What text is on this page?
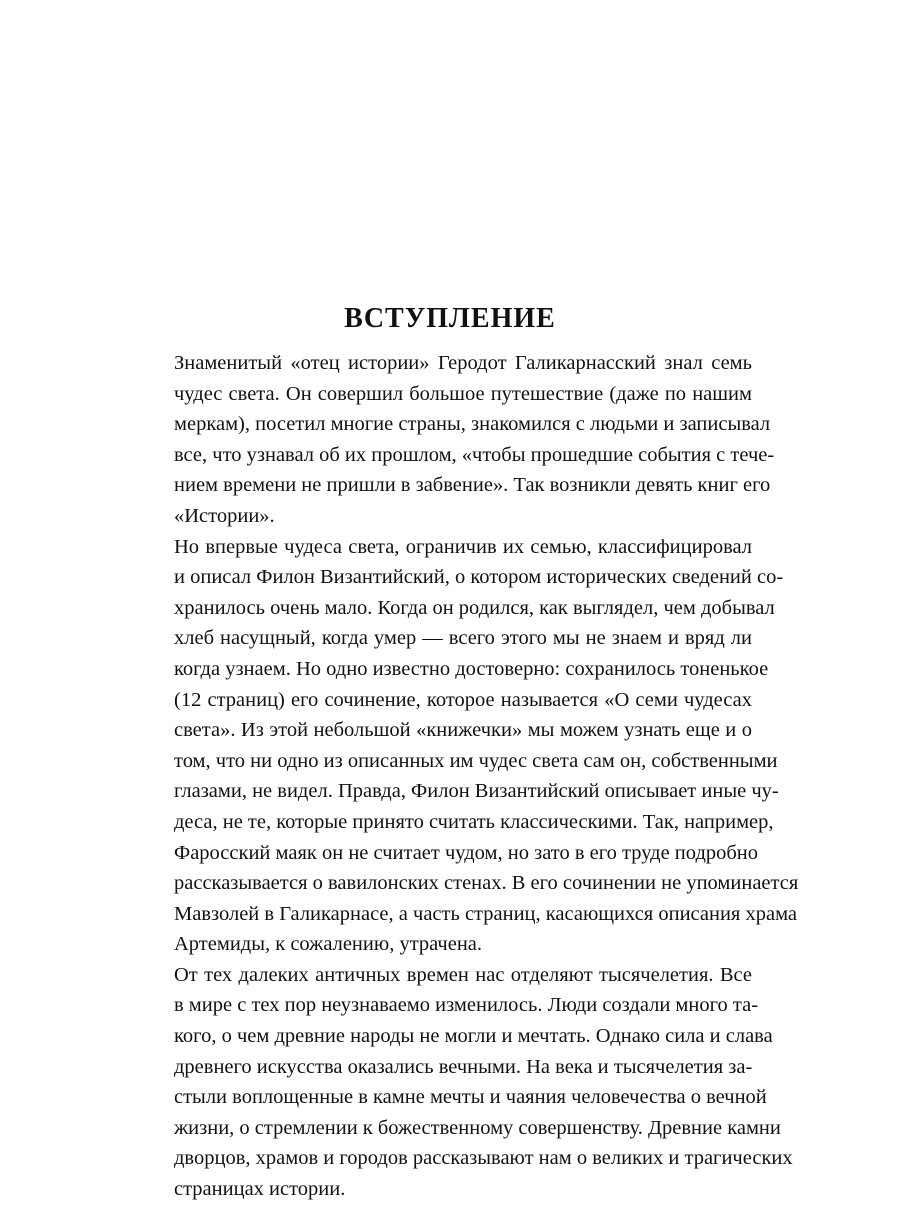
ВСТУПЛЕНИЕ

Знаменитый «отец истории» Геродот Галикарнасский знал семь
чудес света. Он совершил большое путешествие (даже по нашим
меркам), посетил многие страны, знакомился с людьми и записывал
все, что узнавал об их прошлом, «чтобы прошедшие события с тече-
нием времени не пришли в забвение». Так возникли девять книг его
«Истории».

Но впервые чудеса света, ограничив их семью, классифицировал
и описал Филон Византийский, о котором исторических сведений со-
хранилось очень мало. Когда он родился, как выглядел, чем добывал
хлеб насущный, когда умер — всего этого мы не знаем и вряд ли
когда узнаем. Но одно известно достоверно: сохранилось тоненькое
(12 страниц) его сочинение, которое называется «О семи чудесах
света». Из этой небольшой «книжечки» мы можем узнать еще и о
том, что ни одно из описанных им чудес света сам он, собственными
глазами, не видел. Правда, Филон Византийский описывает иные чу-
деса, не те, которые принято считать классическими. Так, например,
Фаросский маяк он не считает чудом, но зато в его труде подробно
рассказывается о вавилонских стенах. В его сочинении не упоминается
Мавзолей в Галикарнасе, а часть страниц, касающихся описания храма
Артемиды, к сожалению, утрачена.

От тех далеких античных времен нас отделяют тысячелетия. Все
в мире с тех пор неузнаваемо изменилось. Люди создали много та-
кого, о чем древние народы не могли и мечтать. Однако сила и слава
древнего искусства оказались вечными. На века и тысячелетия за-
стыли воплощенные в камне мечты и чаяния человечества о вечной
жизни, о стремлении к божественному совершенству. Древние камни
дворцов, храмов и городов рассказывают нам о великих и трагических
страницах истории.
